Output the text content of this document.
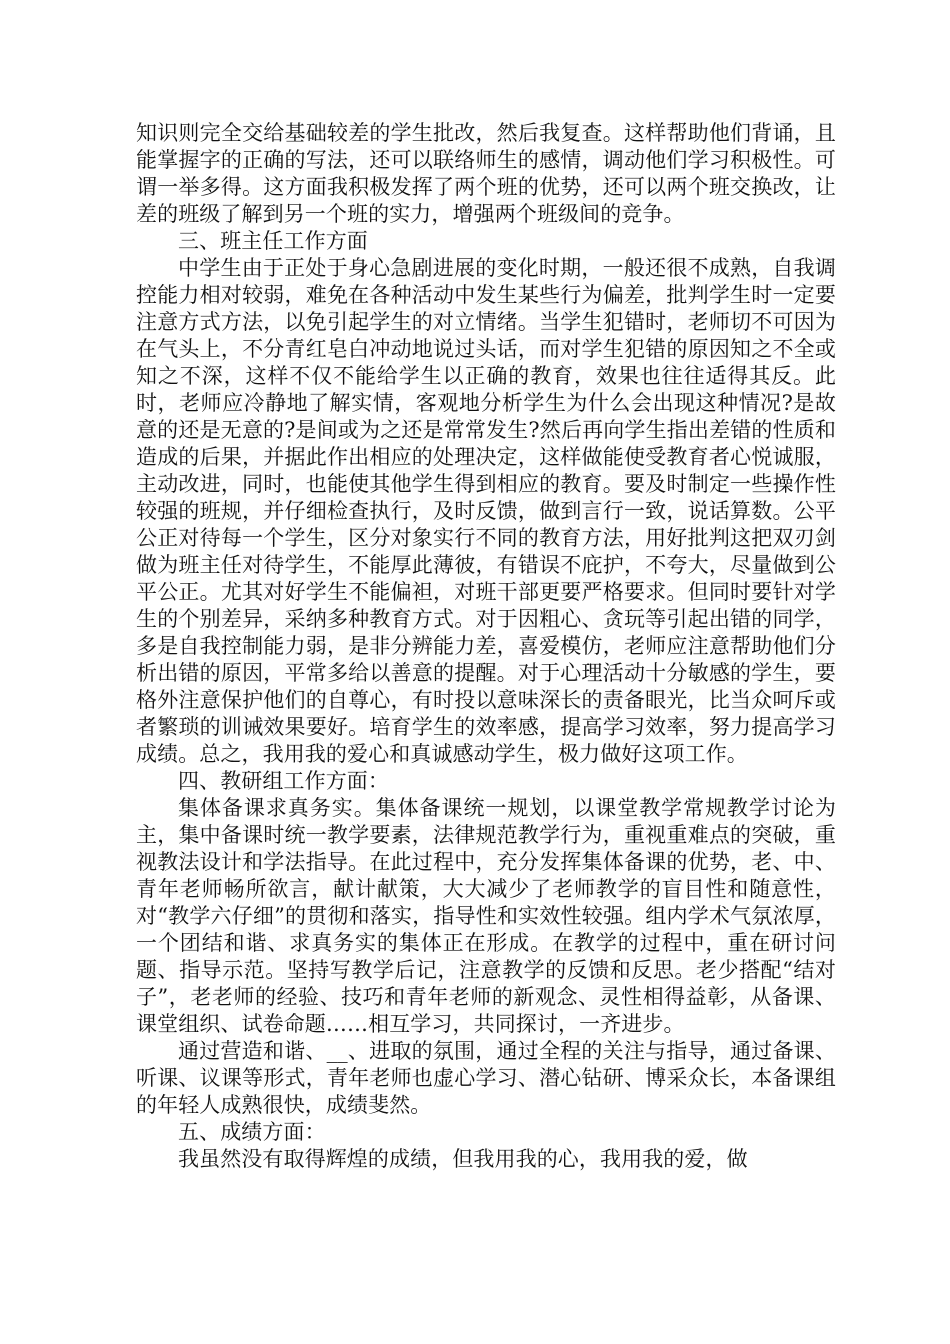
知识则完全交给基础较差的学生批改，然后我复查。这样帮助他们背诵，且能掌握字的正确的写法，还可以联络师生的感情，调动他们学习积极性。可谓一举多得。这方面我积极发挥了两个班的优势，还可以两个班交换改，让差的班级了解到另一个班的实力，增强两个班级间的竞争。

三、班主任工作方面

中学生由于正处于身心急剧进展的变化时期，一般还很不成熟，自我调控能力相对较弱，难免在各种活动中发生某些行为偏差，批判学生时一定要注意方式方法，以免引起学生的对立情绪。当学生犯错时，老师切不可因为在气头上，不分青红皂白冲动地说过头话，而对学生犯错的原因知之不全或知之不深，这样不仅不能给学生以正确的教育，效果也往往适得其反。此时，老师应冷静地了解实情，客观地分析学生为什么会出现这种情况?是故意的还是无意的?是间或为之还是常常发生?然后再向学生指出差错的性质和造成的后果，并据此作出相应的处理决定，这样做能使受教育者心悦诚服，主动改进，同时，也能使其他学生得到相应的教育。要及时制定一些操作性较强的班规，并仔细检查执行，及时反馈，做到言行一致，说话算数。公平公正对待每一个学生，区分对象实行不同的教育方法，用好批判这把双刃剑做为班主任对待学生，不能厚此薄彼，有错误不庇护，不夸大，尽量做到公平公正。尤其对好学生不能偏袒，对班干部更要严格要求。但同时要针对学生的个别差异，采纳多种教育方式。对于因粗心、贪玩等引起出错的同学，多是自我控制能力弱，是非分辨能力差，喜爱模仿，老师应注意帮助他们分析出错的原因，平常多给以善意的提醒。对于心理活动十分敏感的学生，要格外注意保护他们的自尊心，有时投以意味深长的责备眼光，比当众呵斥或者繁琐的训诫效果要好。培育学生的效率感，提高学习效率，努力提高学习成绩。总之，我用我的爱心和真诚感动学生，极力做好这项工作。

四、教研组工作方面：

集体备课求真务实。集体备课统一规划，以课堂教学常规教学讨论为主，集中备课时统一教学要素，法律规范教学行为，重视重难点的突破，重视教法设计和学法指导。在此过程中，充分发挥集体备课的优势，老、中、青年老师畅所欲言，献计献策，大大减少了老师教学的盲目性和随意性，对“教学六仔细”的贯彻和落实，指导性和实效性较强。组内学术气氛浓厚，一个团结和谐、求真务实的集体正在形成。在教学的过程中，重在研讨问题、指导示范。坚持写教学后记，注意教学的反馈和反思。老少搭配“结对子”，老老师的经验、技巧和青年老师的新观念、灵性相得益彰，从备课、课堂组织、试卷命题……相互学习，共同探讨，一齐进步。

通过营造和谐、__、进取的氛围，通过全程的关注与指导，通过备课、听课、议课等形式，青年老师也虚心学习、潜心钻研、博采众长，本备课组的年轻人成熟很快，成绩斐然。

五、成绩方面：

我虽然没有取得辉煌的成绩，但我用我的心，我用我的爱，做
